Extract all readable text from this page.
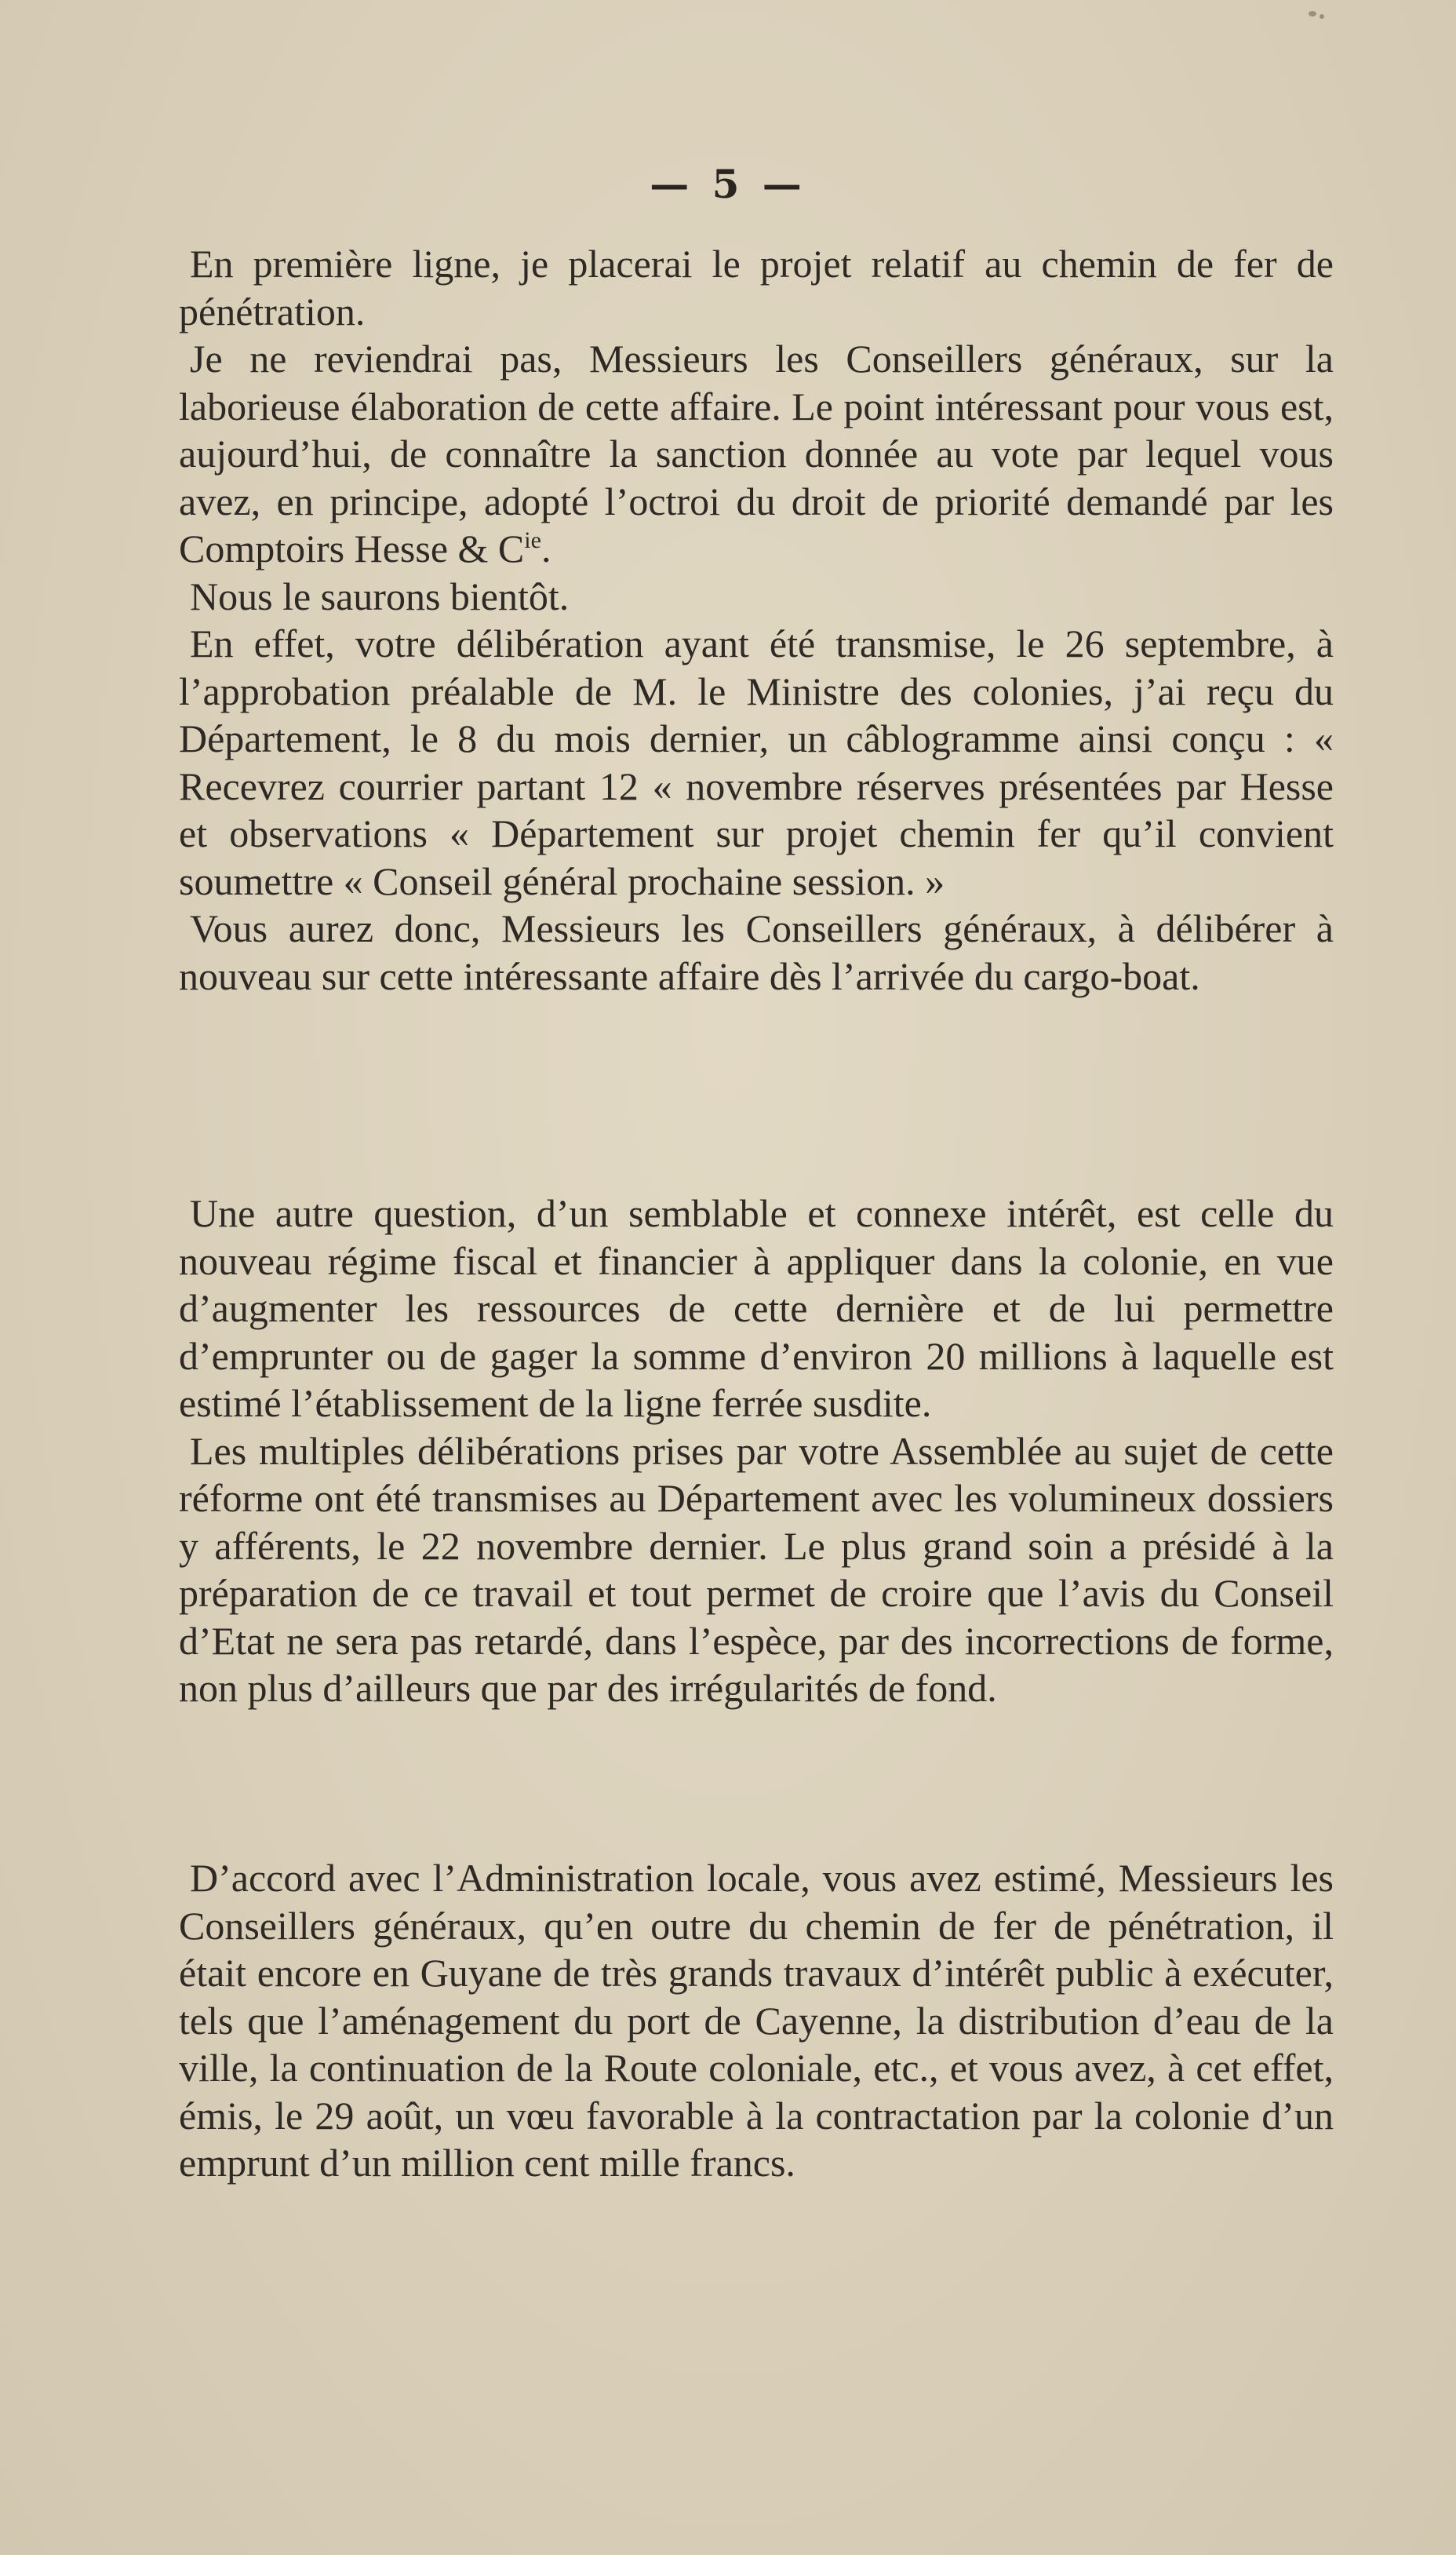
— 5 —

En première ligne, je placerai le projet relatif au chemin de fer de pénétration.

Je ne reviendrai pas, Messieurs les Conseillers généraux, sur la laborieuse élaboration de cette affaire. Le point intéressant pour vous est, aujourd’hui, de connaître la sanction donnée au vote par lequel vous avez, en principe, adopté l’octroi du droit de priorité demandé par les Comptoirs Hesse & $C^{ie}$.

Nous le saurons bientôt.

En effet, votre délibération ayant été transmise, le 26 septembre, à l’approbation préalable de M. le Ministre des colonies, j’ai reçu du Département, le 8 du mois dernier, un câblogramme ainsi conçu : « Recevrez courrier partant 12 « novembre réserves présentées par Hesse et observations « Département sur projet chemin fer qu’il convient soumettre « Conseil général prochaine session. »

Vous aurez donc, Messieurs les Conseillers généraux, à délibérer à nouveau sur cette intéressante affaire dès l’arrivée du cargo-boat.

Une autre question, d’un semblable et connexe intérêt, est celle du nouveau régime fiscal et financier à appliquer dans la colonie, en vue d’augmenter les ressources de cette dernière et de lui permettre d’emprunter ou de gager la somme d’environ 20 millions à laquelle est estimé l’établissement de la ligne ferrée susdite.

Les multiples délibérations prises par votre Assemblée au sujet de cette réforme ont été transmises au Département avec les volumineux dossiers y afférents, le 22 novembre dernier. Le plus grand soin a présidé à la préparation de ce travail et tout permet de croire que l’avis du Conseil d’Etat ne sera pas retardé, dans l’espèce, par des incorrections de forme, non plus d’ailleurs que par des irrégularités de fond.

D’accord avec l’Administration locale, vous avez estimé, Messieurs les Conseillers généraux, qu’en outre du chemin de fer de pénétration, il était encore en Guyane de très grands travaux d’intérêt public à exécuter, tels que l’aménagement du port de Cayenne, la distribution d’eau de la ville, la continuation de la Route coloniale, etc., et vous avez, à cet effet, émis, le 29 août, un vœu favorable à la contractation par la colonie d’un emprunt d’un million cent mille francs.
